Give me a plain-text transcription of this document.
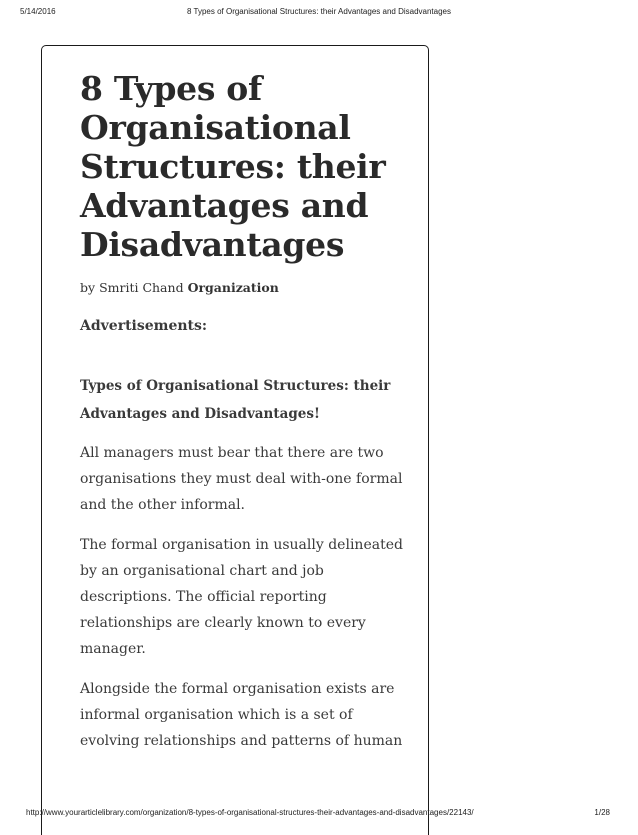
5/14/2016	8 Types of Organisational Structures: their Advantages and Disadvantages
8 Types of Organisational Structures: their Advantages and Disadvantages
by Smriti Chand Organization
Advertisements:
Types of Organisational Structures: their Advantages and Disadvantages!

All managers must bear that there are two organisations they must deal with-one formal and the other informal.

The formal organisation in usually delineated by an organisational chart and job descriptions. The official reporting relationships are clearly known to every manager.

Alongside the formal organisation exists are informal organisation which is a set of evolving relationships and patterns of human

http://www.yourarticlelibrary.com/organization/8-types-of-organisational-structures-their-advantages-and-disadvantages/22143/	1/28
